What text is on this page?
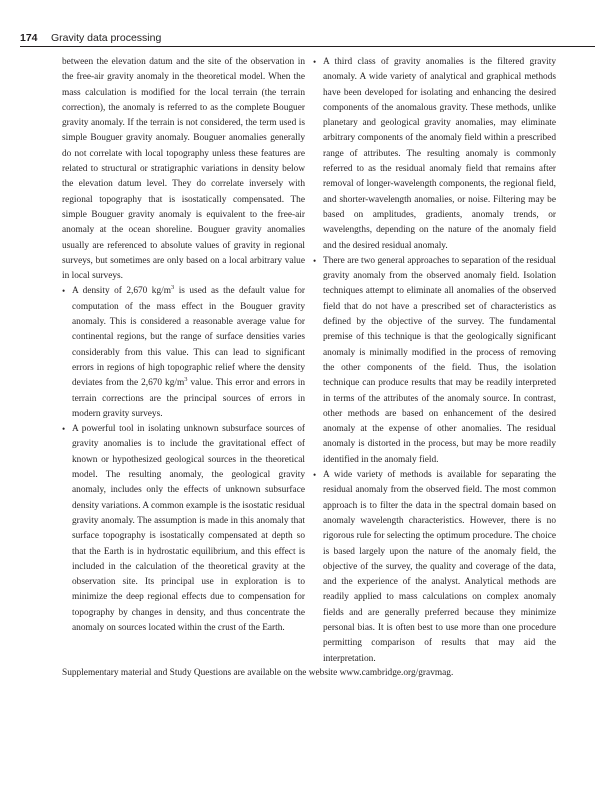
174 Gravity data processing

between the elevation datum and the site of the observation in the free-air gravity anomaly in the theoretical model. When the mass calculation is modified for the local terrain (the terrain correction), the anomaly is referred to as the complete Bouguer gravity anomaly. If the terrain is not considered, the term used is simple Bouguer gravity anomaly. Bouguer anomalies generally do not correlate with local topography unless these features are related to structural or stratigraphic variations in density below the elevation datum level. They do correlate inversely with regional topography that is isostatically compensated. The simple Bouguer gravity anomaly is equivalent to the free-air anomaly at the ocean shoreline. Bouguer gravity anomalies usually are referenced to absolute values of gravity in regional surveys, but sometimes are only based on a local arbitrary value in local surveys.

• A density of 2,670 $kg/m^3$ is used as the default value for computation of the mass effect in the Bouguer gravity anomaly. This is considered a reasonable average value for continental regions, but the range of surface densities varies considerably from this value. This can lead to significant errors in regions of high topographic relief where the density deviates from the 2,670 $kg/m^3$ value. This error and errors in terrain corrections are the principal sources of errors in modern gravity surveys.

• A powerful tool in isolating unknown subsurface sources of gravity anomalies is to include the gravitational effect of known or hypothesized geological sources in the theoretical model. The resulting anomaly, the geological gravity anomaly, includes only the effects of unknown subsurface density variations. A common example is the isostatic residual gravity anomaly. The assumption is made in this anomaly that surface topography is isostatically compensated at depth so that the Earth is in hydrostatic equilibrium, and this effect is included in the calculation of the theoretical gravity at the observation site. Its principal use in exploration is to minimize the deep regional effects due to compensation for topography by changes in density, and thus concentrate the anomaly on sources located within the crust of the Earth.

• A third class of gravity anomalies is the filtered gravity anomaly. A wide variety of analytical and graphical methods have been developed for isolating and enhancing the desired components of the anomalous gravity. These methods, unlike planetary and geological gravity anomalies, may eliminate arbitrary components of the anomaly field within a prescribed range of attributes. The resulting anomaly is commonly referred to as the residual anomaly field that remains after removal of longer-wavelength components, the regional field, and shorter-wavelength anomalies, or noise. Filtering may be based on amplitudes, gradients, anomaly trends, or wavelengths, depending on the nature of the anomaly field and the desired residual anomaly.

• There are two general approaches to separation of the residual gravity anomaly from the observed anomaly field. Isolation techniques attempt to eliminate all anomalies of the observed field that do not have a prescribed set of characteristics as defined by the objective of the survey. The fundamental premise of this technique is that the geologically significant anomaly is minimally modified in the process of removing the other components of the field. Thus, the isolation technique can produce results that may be readily interpreted in terms of the attributes of the anomaly source. In contrast, other methods are based on enhancement of the desired anomaly at the expense of other anomalies. The residual anomaly is distorted in the process, but may be more readily identified in the anomaly field.

• A wide variety of methods is available for separating the residual anomaly from the observed field. The most common approach is to filter the data in the spectral domain based on anomaly wavelength characteristics. However, there is no rigorous rule for selecting the optimum procedure. The choice is based largely upon the nature of the anomaly field, the objective of the survey, the quality and coverage of the data, and the experience of the analyst. Analytical methods are readily applied to mass calculations on complex anomaly fields and are generally preferred because they minimize personal bias. It is often best to use more than one procedure permitting comparison of results that may aid the interpretation.

Supplementary material and Study Questions are available on the website www.cambridge.org/gravmag.
